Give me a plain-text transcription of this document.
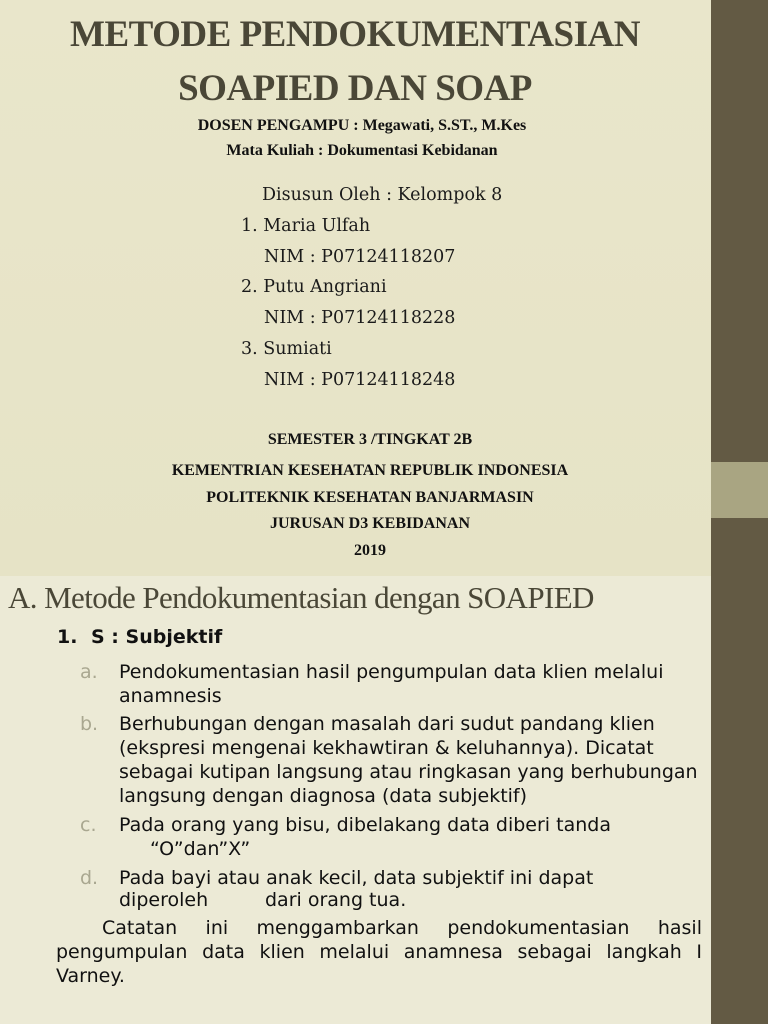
METODE PENDOKUMENTASIAN
SOAPIED DAN SOAP
DOSEN PENGAMPU : Megawati, S.ST., M.Kes
Mata Kuliah : Dokumentasi Kebidanan
Disusun Oleh : Kelompok 8
1. Maria Ulfah
NIM : P07124118207
2. Putu Angriani
NIM : P07124118228
3. Sumiati
NIM : P07124118248
SEMESTER 3 /TINGKAT 2B
KEMENTRIAN KESEHATAN REPUBLIK INDONESIA
POLITEKNIK KESEHATAN BANJARMASIN
JURUSAN D3 KEBIDANAN
2019
A. Metode Pendokumentasian dengan SOAPIED
1. S : Subjektif
a. Pendokumentasian hasil pengumpulan data klien melalui anamnesis
b. Berhubungan dengan masalah dari sudut pandang klien (ekspresi mengenai kekhawtiran & keluhannya). Dicatat sebagai kutipan langsung atau ringkasan yang berhubungan langsung dengan diagnosa (data subjektif)
c. Pada orang yang bisu, dibelakang data diberi tanda
“O”dan”X”
d. Pada bayi atau anak kecil, data subjektif ini dapat
diperoleh	dari orang tua.
Catatan ini menggambarkan pendokumentasian hasil pengumpulan data klien melalui anamnesa sebagai langkah I Varney.
